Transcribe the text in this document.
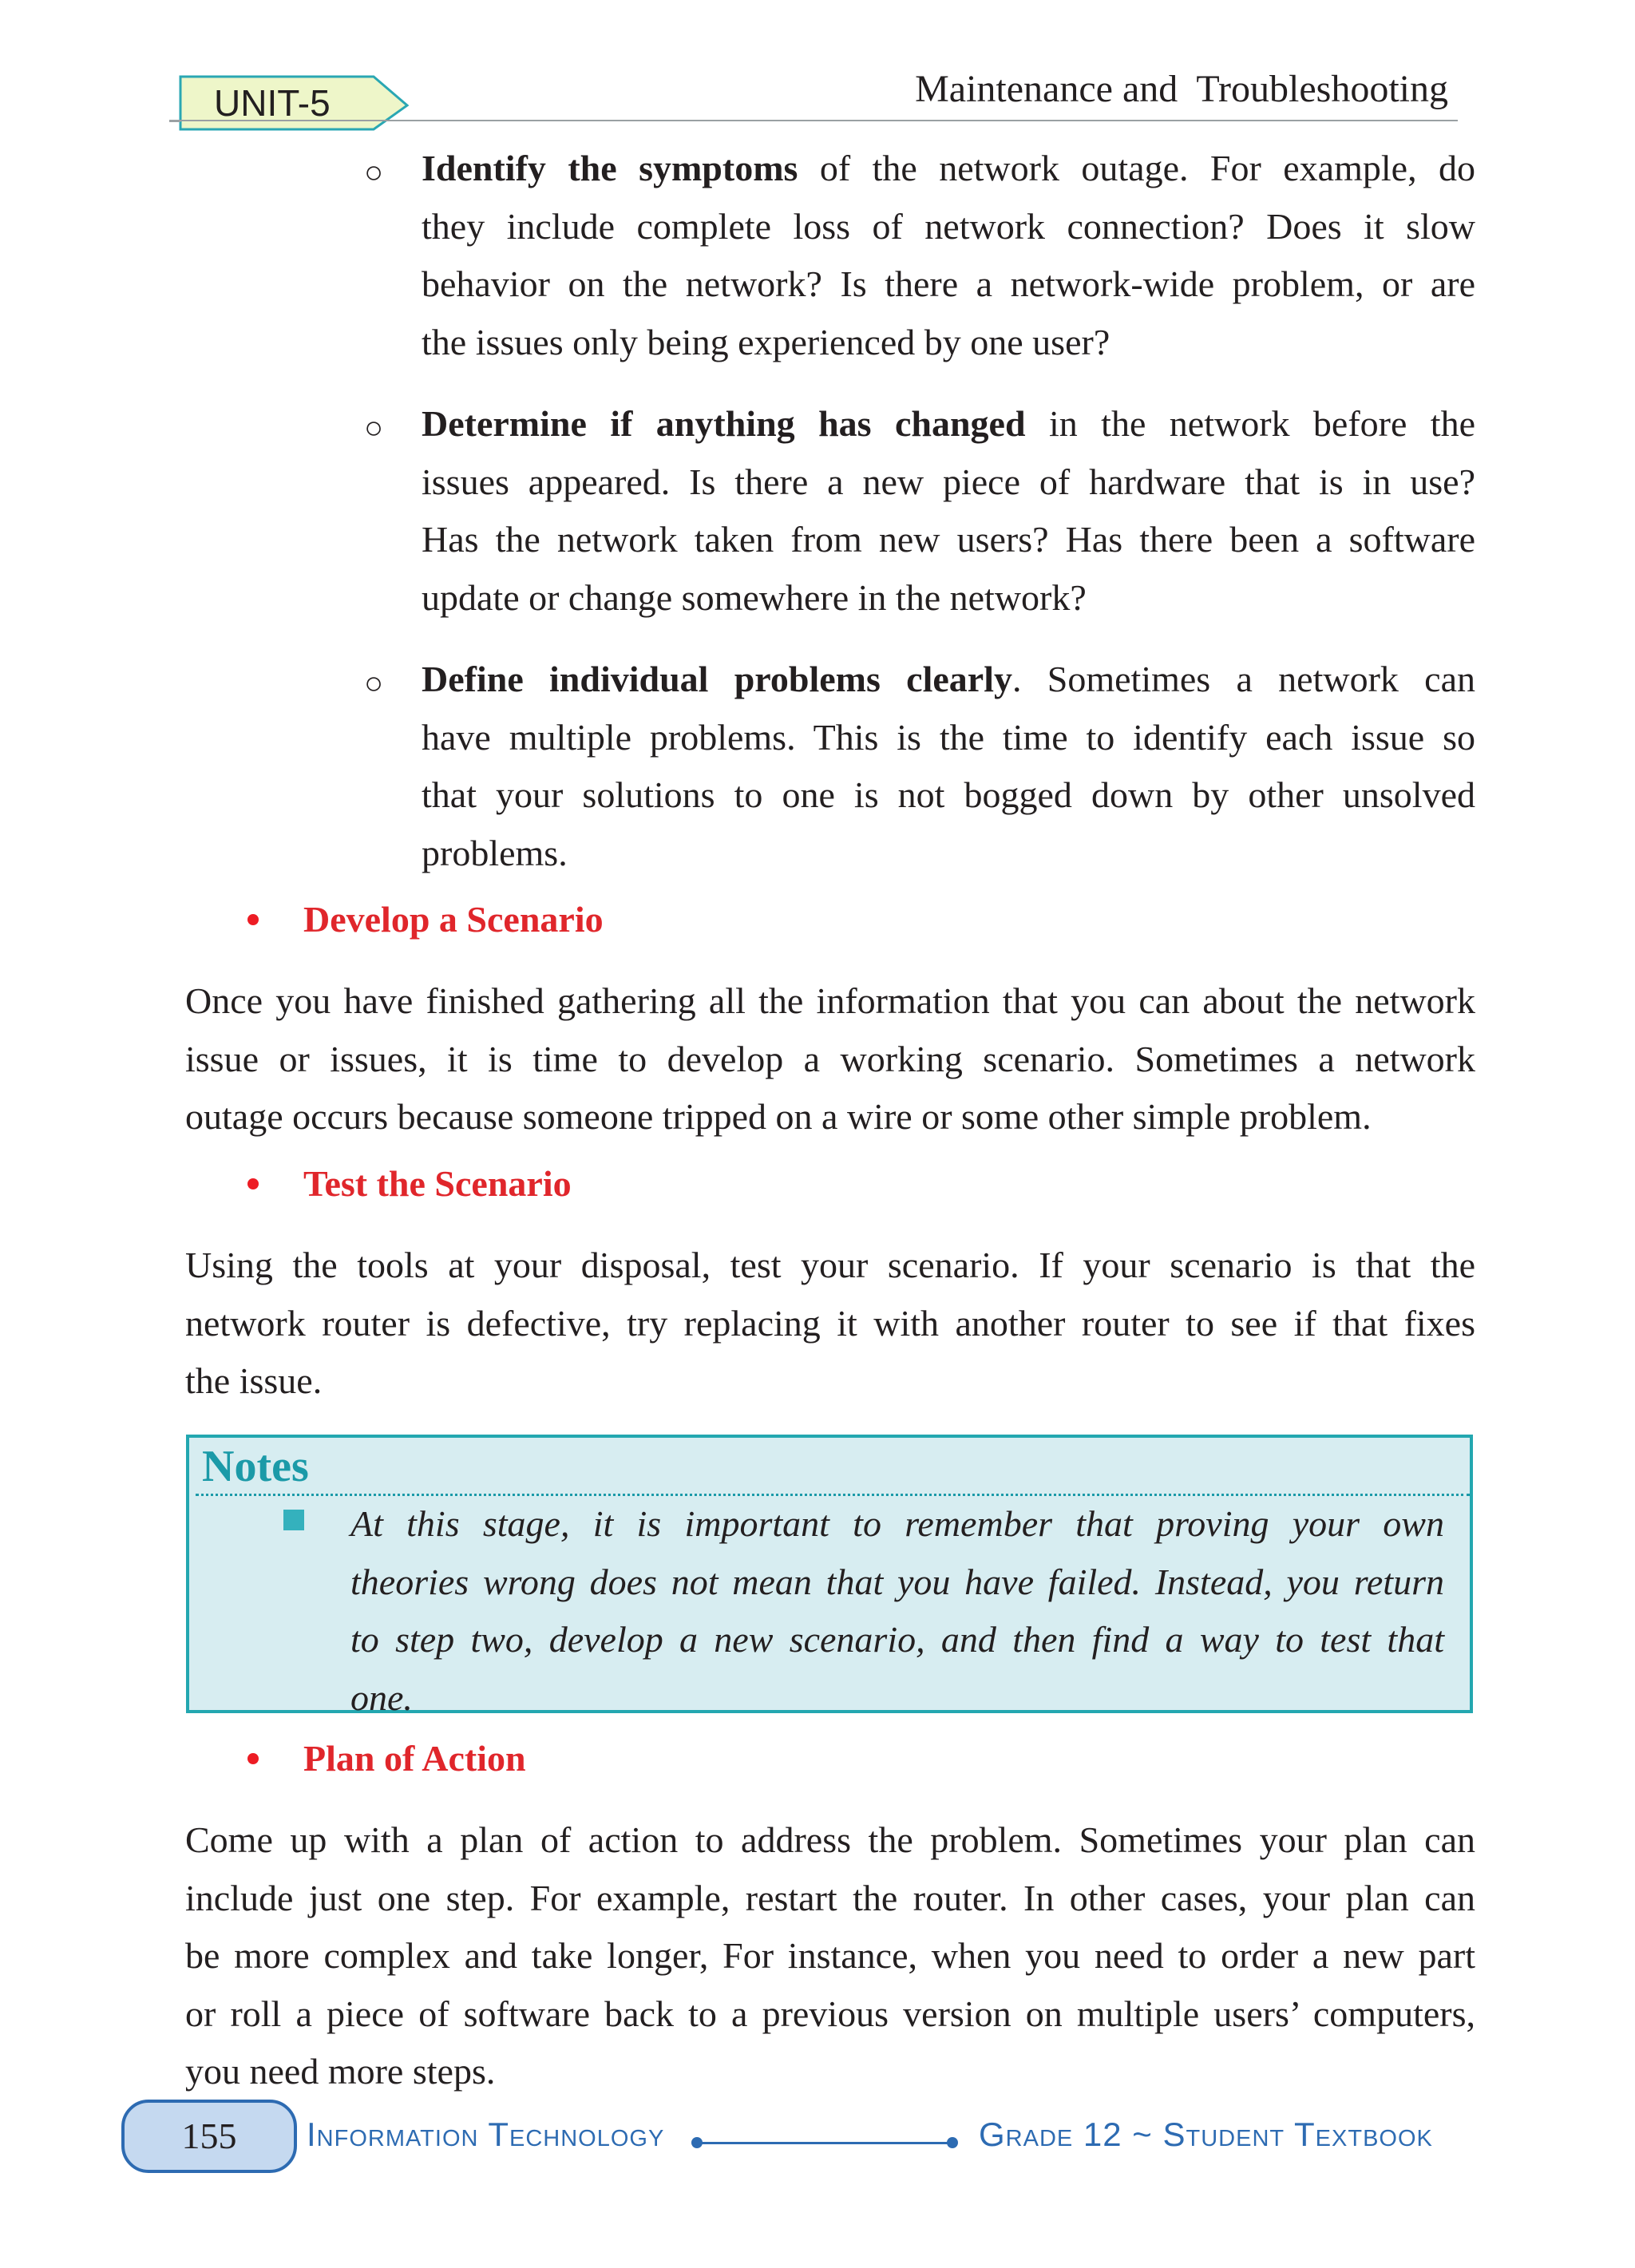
UNIT-5	Maintenance and  Troubleshooting
○ Identify the symptoms of the network outage. For example, do
they include complete loss of network connection? Does it slow
behavior on the network? Is there a network-wide problem, or are
the issues only being experienced by one user?
○ Determine if anything has changed in the network before the
issues appeared. Is there a new piece of hardware that is in use?
Has the network taken from new users? Has there been a software
update or change somewhere in the network?
○ Define individual problems clearly. Sometimes a network can
have multiple problems. This is the time to identify each issue so
that your solutions to one is not bogged down by other unsolved
problems.
Develop a Scenario
Once you have finished gathering all the information that you can about the network
issue or issues, it is time to develop a working scenario. Sometimes a network
outage occurs because someone tripped on a wire or some other simple problem.
Test the Scenario
Using the tools at your disposal, test your scenario. If your scenario is that the
network router is defective, try replacing it with another router to see if that fixes
the issue.
Notes
At this stage, it is important to remember that proving your own
theories wrong does not mean that you have failed. Instead, you return
to step two, develop a new scenario, and then find a way to test that
one.
Plan of Action
Come up with a plan of action to address the problem. Sometimes your plan can
include just one step. For example, restart the router. In other cases, your plan can
be more complex and take longer, For instance, when you need to order a new part
or roll a piece of software back to a previous version on multiple users’ computers,
you need more steps.
155	Information Technology	Grade 12 ~ Student Textbook
